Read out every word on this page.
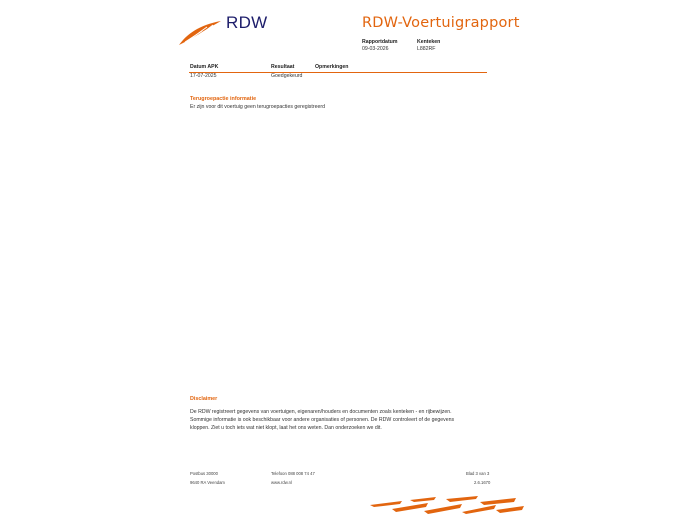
RDW	RDW-Voertuigrapport
Rapportdatum
09-03-2026
Kenteken
L882RF
Datum APK	Resultaat	Opmerkingen
17-07-2025	Goedgekeurd
Terugroepactie informatie
Er zijn voor dit voertuig geen terugroepacties geregistreerd
Disclaimer
De RDW registreert gegevens van voertuigen, eigenaren/houders en documenten zoals kenteken - en rijbewijzen.
Sommige informatie is ook beschikbaar voor andere organisaties of personen. De RDW controleert of de gegevens
kloppen. Ziet u toch iets wat niet klopt, laat het ons weten. Dan onderzoeken we dit.
Postbus 30000
9640 RA Veendam
Telefoon 088 008 74 47
www.rdw.nl
Blad 3 van 3
2.6.1670
